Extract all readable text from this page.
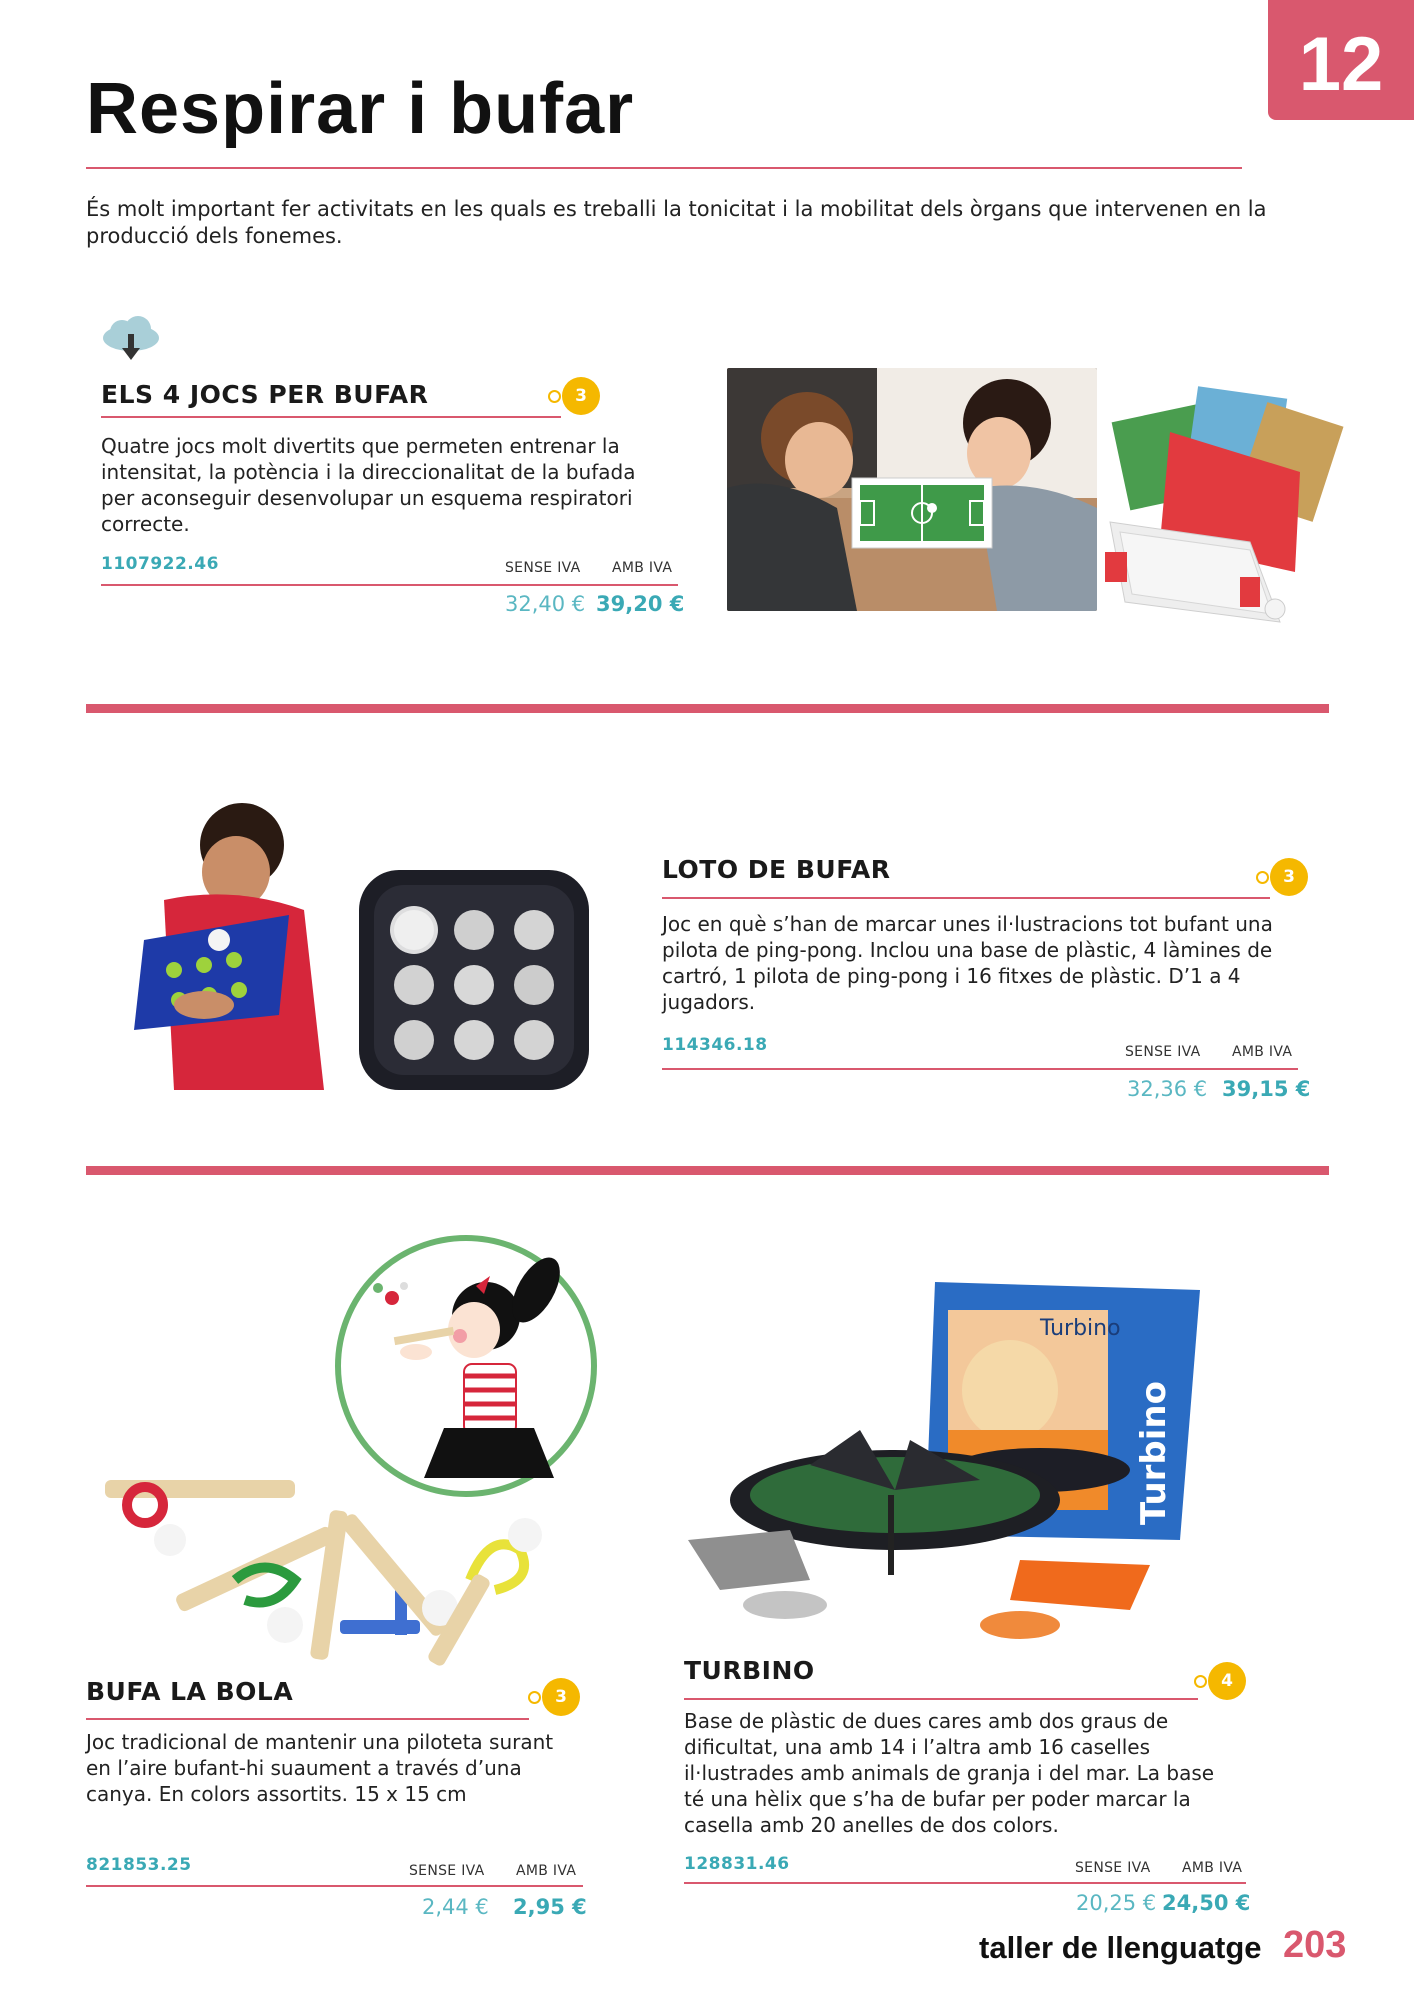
12
Respirar i bufar
És molt important fer activitats en les quals es treballi la tonicitat i la mobilitat dels òrgans que intervenen en la producció dels fonemes.
ELS 4 JOCS PER BUFAR	3
Quatre jocs molt divertits que permeten entrenar la intensitat, la potència i la direccionalitat de la bufada per aconseguir desenvolupar un esquema respiratori correcte.
1107922.46	SENSE IVA AMB IVA
32,40 € 39,20 €
LOTO DE BUFAR	3
Joc en què s’han de marcar unes il·lustracions tot bufant una pilota de ping-pong. Inclou una base de plàstic, 4 làmines de cartró, 1 pilota de ping-pong i 16 fitxes de plàstic. D’1 a 4 jugadors.
114346.18	SENSE IVA AMB IVA
32,36 € 39,15 €
BUFA LA BOLA	3
Joc tradicional de mantenir una piloteta surant en l’aire bufant-hi suaument a través d’una canya. En colors assortits. 15 x 15 cm
821853.25	SENSE IVA AMB IVA
2,44 € 2,95 €
Turbino
Turbino
TURBINO	4
Base de plàstic de dues cares amb dos graus de dificultat, una amb 14 i l’altra amb 16 caselles il·lustrades amb animals de granja i del mar. La base té una hèlix que s’ha de bufar per poder marcar la casella amb 20 anelles de dos colors.
128831.46	SENSE IVA AMB IVA
20,25 € 24,50 €
taller de llenguatge 203
